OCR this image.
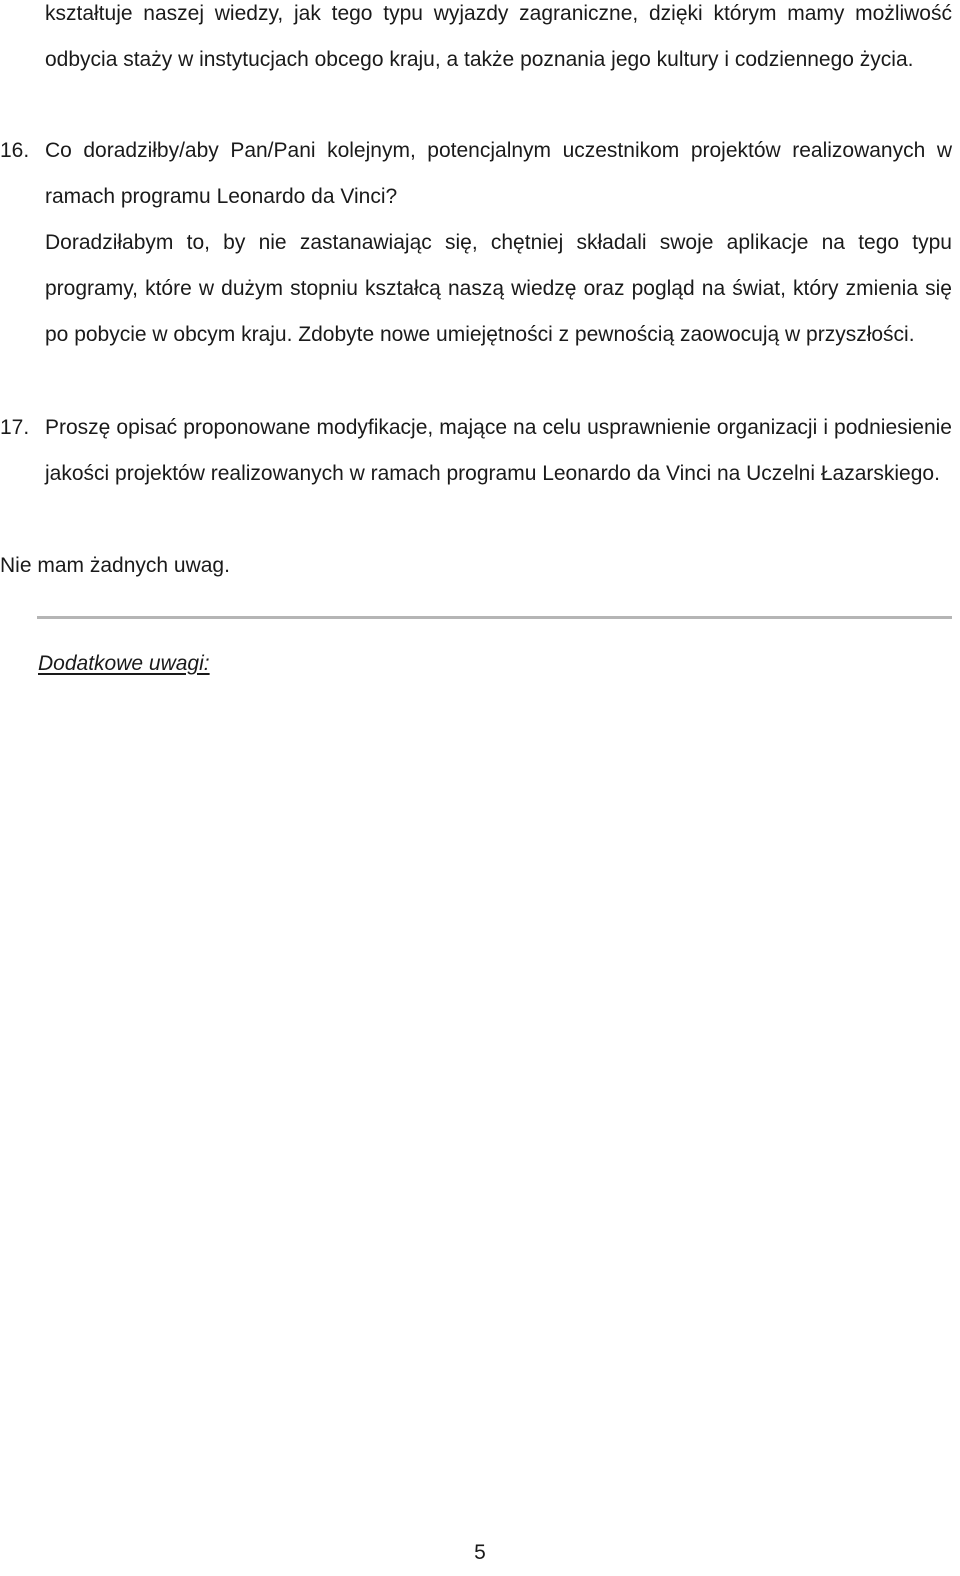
kształtuje naszej wiedzy, jak tego typu wyjazdy zagraniczne, dzięki którym mamy możliwość odbycia staży w instytucjach obcego kraju, a także poznania jego kultury i codziennego życia.

16. Co doradziłby/aby Pan/Pani kolejnym, potencjalnym uczestnikom projektów realizowanych w ramach programu Leonardo da Vinci?

Doradziłabym to, by nie zastanawiając się, chętniej składali swoje aplikacje na tego typu programy, które w dużym stopniu kształcą naszą wiedzę oraz pogląd na świat, który zmienia się po pobycie w obcym kraju. Zdobyte nowe umiejętności z pewnością zaowocują w przyszłości.

17. Proszę opisać proponowane modyfikacje, mające na celu usprawnienie organizacji i podniesienie jakości projektów realizowanych w ramach programu Leonardo da Vinci na Uczelni Łazarskiego.

Nie mam żadnych uwag.

Dodatkowe uwagi:

5
